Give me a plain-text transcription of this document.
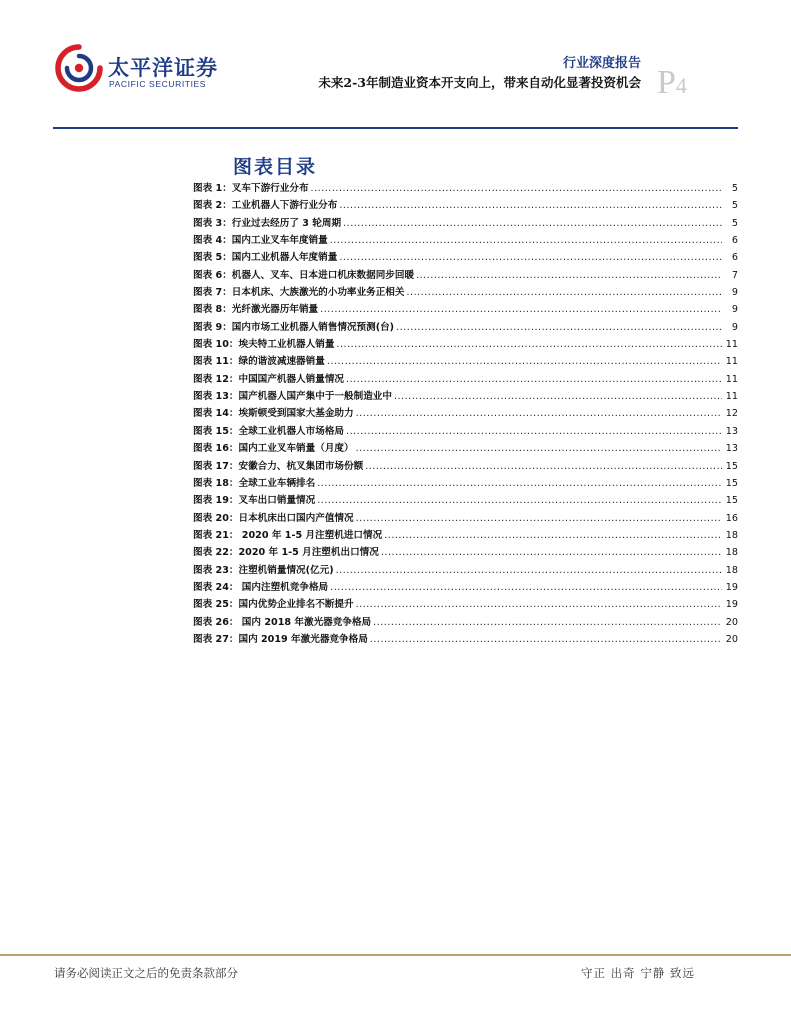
太平洋证券
PACIFIC SECURITIES
行业深度报告
未来2-3年制造业资本开支向上，带来自动化显著投资机会 P4
图表目录
图表 1：叉车下游行业分布 .....	5
图表 2：工业机器人下游行业分布 .....	5
图表 3：行业过去经历了 3 轮周期 .....	5
图表 4：国内工业叉车年度销量 .....	6
图表 5：国内工业机器人年度销量 .....	6
图表 6：机器人、叉车、日本进口机床数据同步回暖 .....	7
图表 7：日本机床、大族激光的小功率业务正相关 .....	9
图表 8：光纤激光器历年销量 .....	9
图表 9：国内市场工业机器人销售情况预测(台) .....	9
图表 10：埃夫特工业机器人销量 .....	11
图表 11：绿的谐波减速器销量 .....	11
图表 12：中国国产机器人销量情况 .....	11
图表 13：国产机器人国产集中于一般制造业中 .....	11
图表 14：埃斯顿受到国家大基金助力 .....	12
图表 15：全球工业机器人市场格局 .....	13
图表 16：国内工业叉车销量（月度） .....	13
图表 17：安徽合力、杭叉集团市场份额 .....	15
图表 18：全球工业车辆排名 .....	15
图表 19：叉车出口销量情况 .....	15
图表 20：日本机床出口国内产值情况 .....	16
图表 21： 2020 年 1-5 月注塑机进口情况 .....	18
图表 22：2020 年 1-5 月注塑机出口情况 .....	18
图表 23：注塑机销量情况(亿元) .....	18
图表 24： 国内注塑机竞争格局 .....	19
图表 25：国内优势企业排名不断提升 .....	19
图表 26： 国内 2018 年激光器竞争格局 .....	20
图表 27：国内 2019 年激光器竞争格局 .....	20
请务必阅读正文之后的免责条款部分	守正 出奇 宁静 致远
